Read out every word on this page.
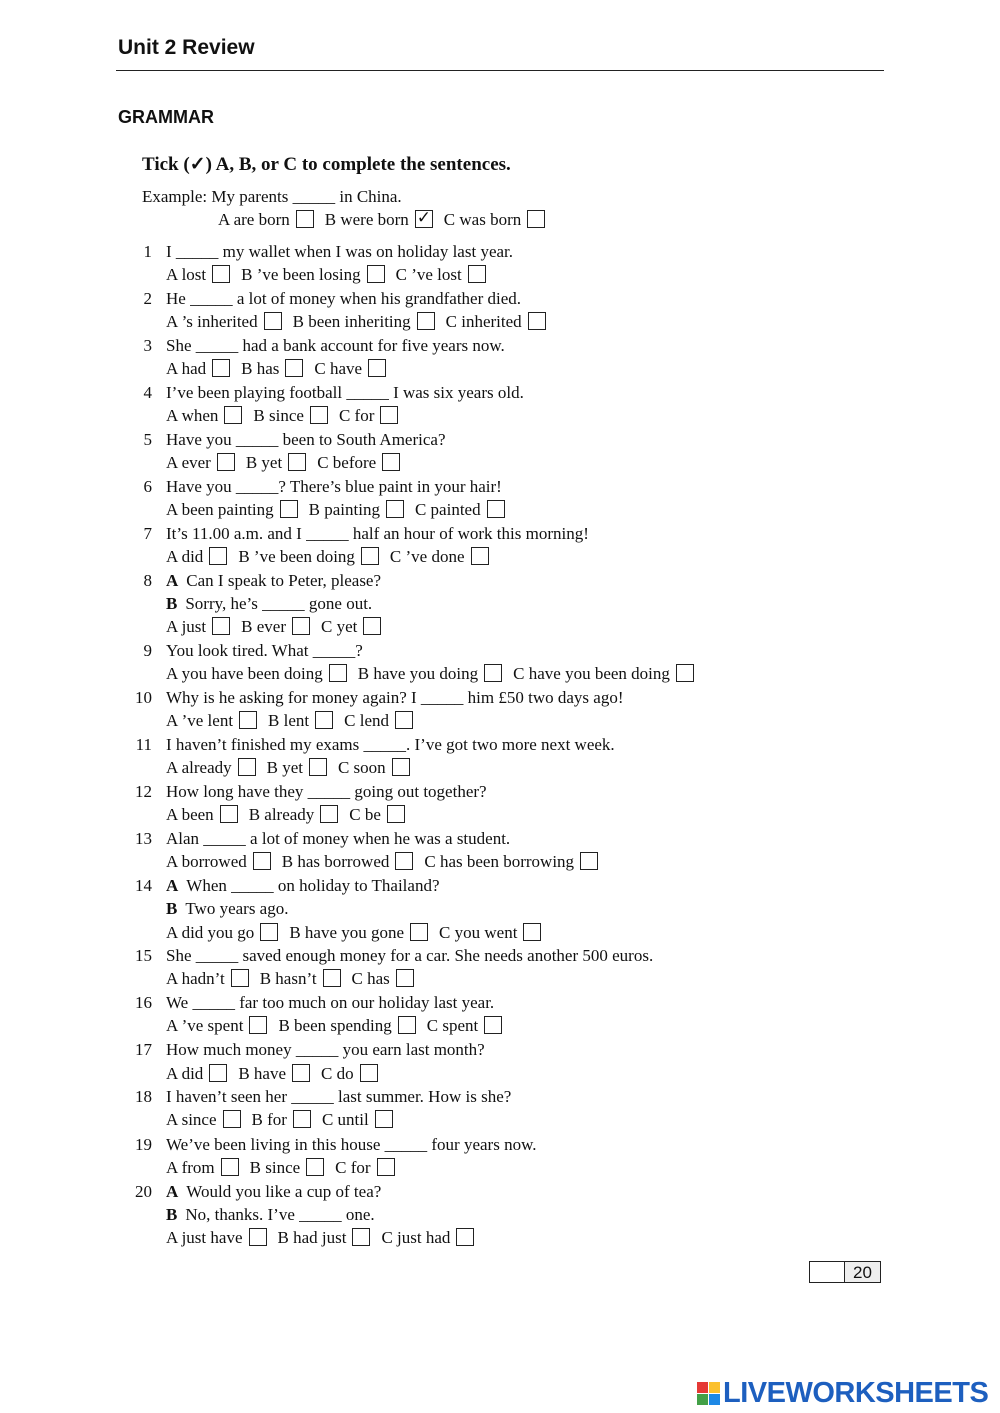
Unit 2 Review
GRAMMAR
Tick (✓) A, B, or C to complete the sentences.
Example: My parents _____ in China.
A are born B were born
✓ C was born
1 I _____ my wallet when I was on holiday last year.
A lost B ’ve been losing C ’ve lost
2 He _____ a lot of money when his grandfather died.
A ’s inherited B been inheriting C inherited
3 She _____ had a bank account for five years now.
A had B has C have
4 I’ve been playing football _____ I was six years old.
A when B since C for
5 Have you _____ been to South America?
A ever B yet C before
6 Have you _____? There’s blue paint in your hair!
A been painting B painting C painted
7 It’s 11.00 a.m. and I _____ half an hour of work this morning!
A did B ’ve been doing C ’ve done
8 A Can I speak to Peter, please?
B Sorry, he’s _____ gone out.
A just B ever C yet
9 You look tired. What _____?
A you have been doing B have you doing C have you been doing
10 Why is he asking for money again? I _____ him £50 two days ago!
A ’ve lent B lent C lend
11 I haven’t finished my exams _____. I’ve got two more next week.
A already B yet C soon
12 How long have they _____ going out together?
A been B already C be
13 Alan _____ a lot of money when he was a student.
A borrowed B has borrowed C has been borrowing
14 A When _____ on holiday to Thailand?
B Two years ago.
A did you go B have you gone C you went
15 She _____ saved enough money for a car. She needs another 500 euros.
A hadn’t B hasn’t C has
16 We _____ far too much on our holiday last year.
A ’ve spent B been spending C spent
17 How much money _____ you earn last month?
A did B have C do
18 I haven’t seen her _____ last summer. How is she?
A since B for C until
19 We’ve been living in this house _____ four years now.
A from B since C for
20 A Would you like a cup of tea?
B No, thanks. I’ve _____ one.
A just have B had just C just had
20
LIVEWORKSHEETS
